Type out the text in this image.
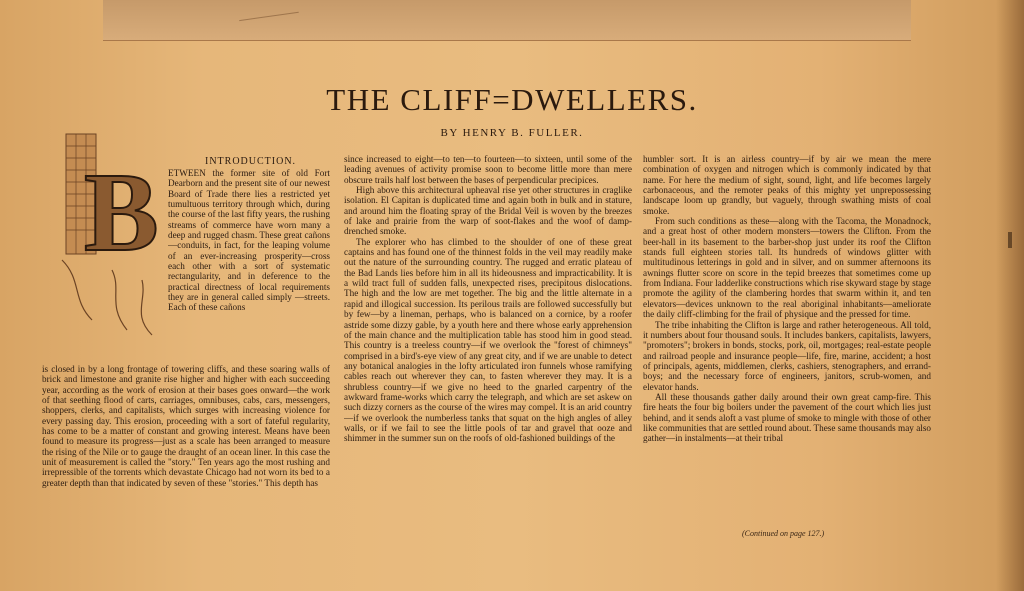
THE CLIFF=DWELLERS.
BY HENRY B. FULLER.
B	INTRODUCTION.

ETWEEN the former site of old Fort Dearborn and the present site of our newest Board of Trade there lies a restricted yet tumultuous territory through which, during the course of the last fifty years, the rushing streams of commerce have worn many a deep and rugged chasm. These great cañons—conduits, in fact, for the leaping volume of an ever-increasing prosperity—cross each other with a sort of systematic rectangularity, and in deference to the practical directness of local requirements they are in general called simply —streets. Each of these cañons

is closed in by a long frontage of towering cliffs, and these soaring walls of brick and limestone and granite rise higher and higher with each succeeding year, according as the work of erosion at their bases goes onward—the work of that seething flood of carts, carriages, omnibuses, cabs, cars, messengers, shoppers, clerks, and capitalists, which surges with increasing violence for every passing day. This erosion, proceeding with a sort of fateful regularity, has come to be a matter of constant and growing interest. Means have been found to measure its progress—just as a scale has been arranged to measure the rising of the Nile or to gauge the draught of an ocean liner. In this case the unit of measurement is called the "story." Ten years ago the most rushing and irrepressible of the torrents which devastate Chicago had not worn its bed to a greater depth than that indicated by seven of these "stories." This depth has

since increased to eight—to ten—to fourteen—to sixteen, until some of the leading avenues of activity promise soon to become little more than mere obscure trails half lost between the bases of perpendicular precipices.

High above this architectural upheaval rise yet other structures in craglike isolation. El Capitan is duplicated time and again both in bulk and in stature, and around him the floating spray of the Bridal Veil is woven by the breezes of lake and prairie from the warp of soot-flakes and the woof of damp-drenched smoke.

The explorer who has climbed to the shoulder of one of these great captains and has found one of the thinnest folds in the veil may readily make out the nature of the surrounding country. The rugged and erratic plateau of the Bad Lands lies before him in all its hideousness and impracticability. It is a wild tract full of sudden falls, unexpected rises, precipitous dislocations. The high and the low are met together. The big and the little alternate in a rapid and illogical succession. Its perilous trails are followed successfully but by few—by a lineman, perhaps, who is balanced on a cornice, by a roofer astride some dizzy gable, by a youth here and there whose early apprehension of the main chance and the multiplication table has stood him in good stead. This country is a treeless country—if we overlook the "forest of chimneys" comprised in a bird's-eye view of any great city, and if we are unable to detect any botanical analogies in the lofty articulated iron funnels whose ramifying cables reach out wherever they can, to fasten wherever they may. It is a shrubless country—if we give no heed to the gnarled carpentry of the awkward frame-works which carry the telegraph, and which are set askew on such dizzy corners as the course of the wires may compel. It is an arid country—if we overlook the numberless tanks that squat on the high angles of alley walls, or if we fail to see the little pools of tar and gravel that ooze and shimmer in the summer sun on the roofs of old-fashioned buildings of the

humbler sort. It is an airless country—if by air we mean the mere combination of oxygen and nitrogen which is commonly indicated by that name. For here the medium of sight, sound, light, and life becomes largely carbonaceous, and the remoter peaks of this mighty yet unprepossessing landscape loom up grandly, but vaguely, through swathing mists of coal smoke.

From such conditions as these—along with the Tacoma, the Monadnock, and a great host of other modern monsters—towers the Clifton. From the beer-hall in its basement to the barber-shop just under its roof the Clifton stands full eighteen stories tall. Its hundreds of windows glitter with multitudinous letterings in gold and in silver, and on summer afternoons its awnings flutter score on score in the tepid breezes that sometimes come up from Indiana. Four ladderlike constructions which rise skyward stage by stage promote the agility of the clambering hordes that swarm within it, and ten elevators—devices unknown to the real aboriginal inhabitants—ameliorate the daily cliff-climbing for the frail of physique and the pressed for time.

The tribe inhabiting the Clifton is large and rather heterogeneous. All told, it numbers about four thousand souls. It includes bankers, capitalists, lawyers, "promoters"; brokers in bonds, stocks, pork, oil, mortgages; real-estate people and railroad people and insurance people—life, fire, marine, accident; a host of principals, agents, middlemen, clerks, cashiers, stenographers, and errand-boys; and the necessary force of engineers, janitors, scrub-women, and elevator hands.

All these thousands gather daily around their own great camp-fire. This fire heats the four big boilers under the pavement of the court which lies just behind, and it sends aloft a vast plume of smoke to mingle with those of other like communities that are settled round about. These same thousands may also gather—in instalments—at their tribal

(Continued on page 127.)
